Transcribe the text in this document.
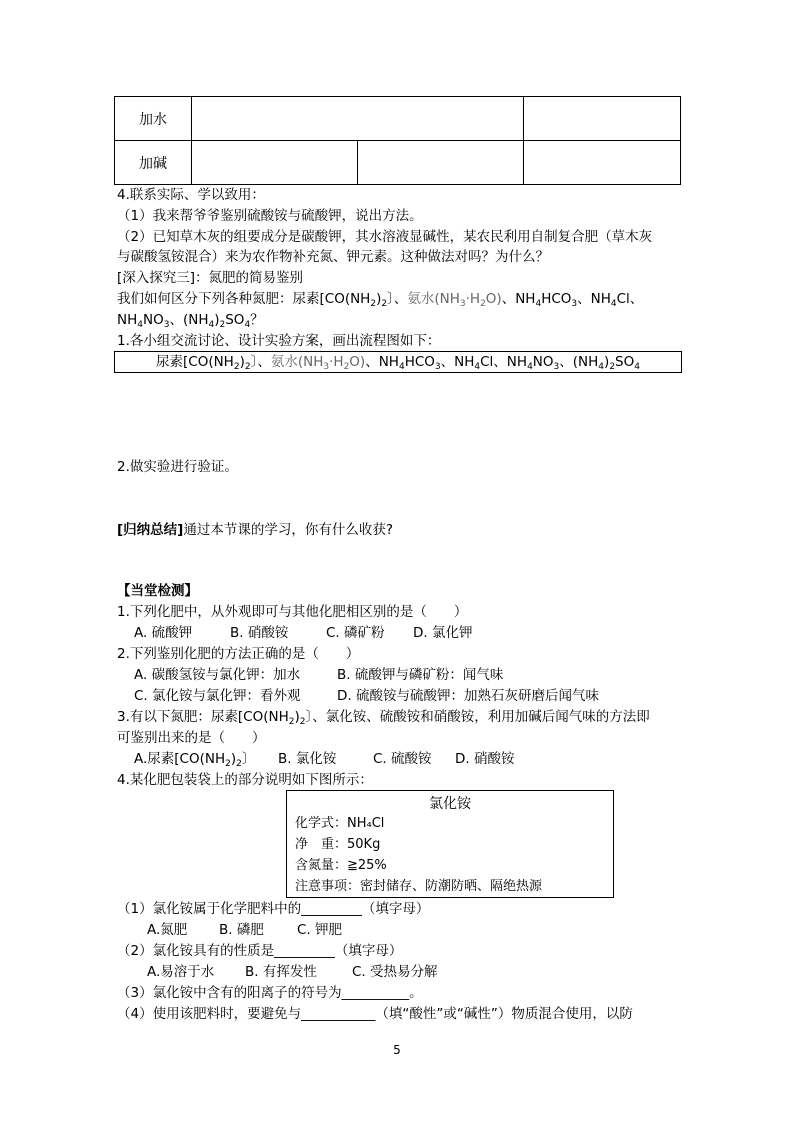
加水			
加碱			
4.联系实际、学以致用：
（1）我来帮爷爷鉴别硫酸铵与硫酸钾，说出方法。
（2）已知草木灰的组要成分是碳酸钾，其水溶液显碱性，某农民利用自制复合肥（草木灰
与碳酸氢铵混合）来为农作物补充氮、钾元素。这种做法对吗？为什么？
[深入探究三]：氮肥的简易鉴别
我们如何区分下列各种氮肥：尿素[$CO(NH_2)_2$〕、氨水$(NH_3\cdot H_2O)$、$NH_4HCO_3$、$NH_4Cl$、
$NH_4NO_3$、$(NH_4)_2SO_4$？
1.各小组交流讨论、设计实验方案，画出流程图如下：
尿素[$CO(NH_2)_2$〕、氨水$(NH_3\cdot H_2O)$、$NH_4HCO_3$、$NH_4Cl$、$NH_4NO_3$、$(NH_4)_2SO_4$
2.做实验进行验证。
[归纳总结]通过本节课的学习，你有什么收获?
【当堂检测】
1.下列化肥中，从外观即可与其他化肥相区别的是（　　）
A. 硫酸钾	B. 硝酸铵	C. 磷矿粉 D. 氯化钾
2.下列鉴别化肥的方法正确的是（　　）
A. 碳酸氢铵与氯化钾：加水	B. 硫酸钾与磷矿粉：闻气味
C. 氯化铵与氯化钾：看外观	D. 硫酸铵与硫酸钾：加熟石灰研磨后闻气味
3.有以下氮肥：尿素[$CO(NH_2)_2$〕、氯化铵、硫酸铵和硝酸铵，利用加碱后闻气味的方法即
可鉴别出来的是（　　）
A.尿素[$CO(NH_2)_2$〕 B. 氯化铵	C. 硫酸铵 D. 硝酸铵
4.某化肥包装袋上的部分说明如下图所示：
氯化铵
化学式：NH₄Cl
净　重：50Kg
含氮量：≧25%
注意事项：密封储存、防潮防晒、隔绝热源
（1）氯化铵属于化学肥料中的_________（填字母）
A.氮肥 B. 磷肥 C. 钾肥
（2）氯化铵具有的性质是_________（填字母）
A.易溶于水 B. 有挥发性	C. 受热易分解
（3）氯化铵中含有的阳离子的符号为__________。
（4）使用该肥料时，要避免与___________（填“酸性”或“碱性”）物质混合使用，以防
5
